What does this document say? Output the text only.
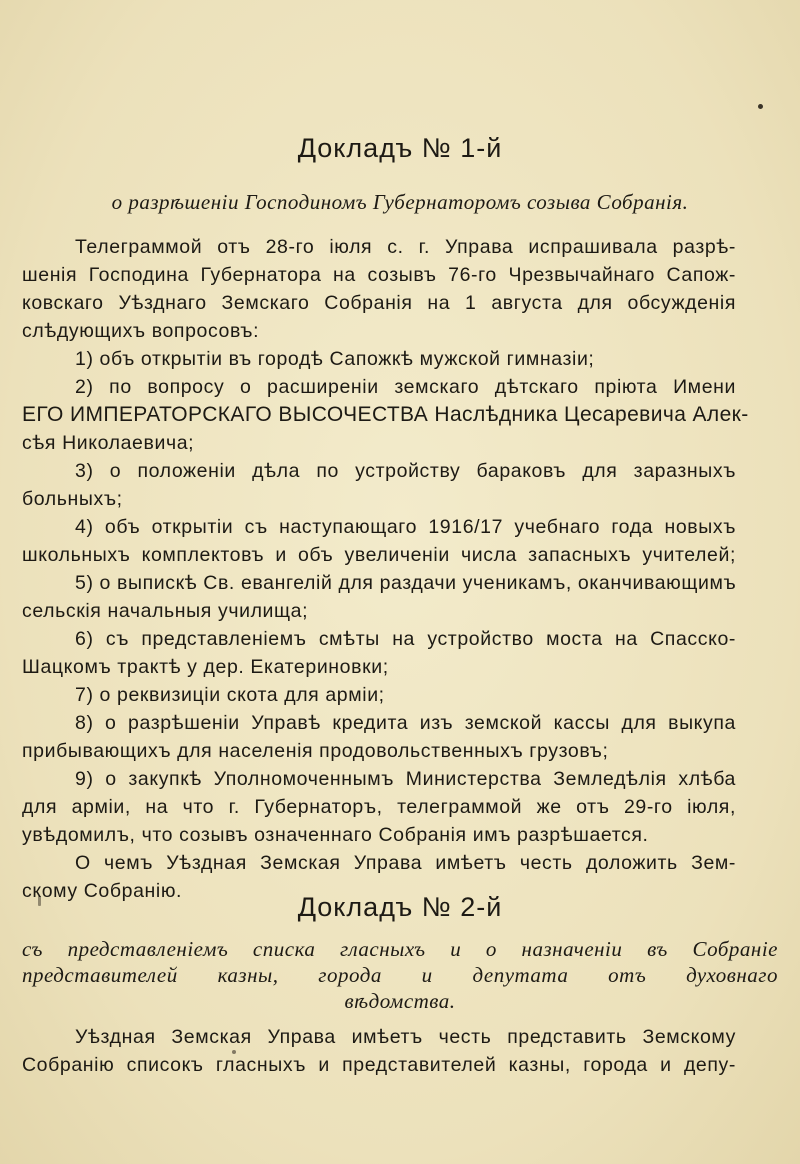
Докладъ № 1-й
о разрѣшеніи Господиномъ Губернаторомъ созыва Собранія.
Телеграммой отъ 28-го іюля с. г. Управа испрашивала разрѣ-
шенія Господина Губернатора на созывъ 76-го Чрезвычайнаго Сапож-
ковскаго Уѣзднаго Земскаго Собранія на 1 августа для обсужденія
слѣдующихъ вопросовъ:
1) объ открытіи въ городѣ Сапожкѣ мужской гимназіи;
2) по вопросу о расширеніи земскаго дѣтскаго пріюта Имени
ЕГО ИМПЕРАТОРСКАГО ВЫСОЧЕСТВА Наслѣдника Цесаревича Алек-
сѣя Николаевича;
3) о положеніи дѣла по устройству бараковъ для заразныхъ
больныхъ;
4) объ открытіи съ наступающаго 1916/17 учебнаго года новыхъ
школьныхъ комплектовъ и объ увеличеніи числа запасныхъ учителей;
5) о выпискѣ Св. евангелій для раздачи ученикамъ, оканчивающимъ
сельскія начальныя училища;
6) съ представленіемъ смѣты на устройство моста на Спасско-
Шацкомъ трактѣ у дер. Екатериновки;
7) о реквизиціи скота для арміи;
8) о разрѣшеніи Управѣ кредита изъ земской кассы для выкупа
прибывающихъ для населенія продовольственныхъ грузовъ;
9) о закупкѣ Уполномоченнымъ Министерства Земледѣлія хлѣба
для арміи, на что г. Губернаторъ, телеграммой же отъ 29-го іюля,
увѣдомилъ, что созывъ означеннаго Собранія имъ разрѣшается.
О чемъ Уѣздная Земская Управа имѣетъ честь доложить Зем-
скому Собранію.
Докладъ № 2-й
съ представленіемъ списка гласныхъ и о назначеніи въ Собраніе
представителей казны, города и депутата отъ духовнаго
вѣдомства.
Уѣздная Земская Управа имѣетъ честь представить Земскому
Собранію списокъ гласныхъ и представителей казны, города и депу-
